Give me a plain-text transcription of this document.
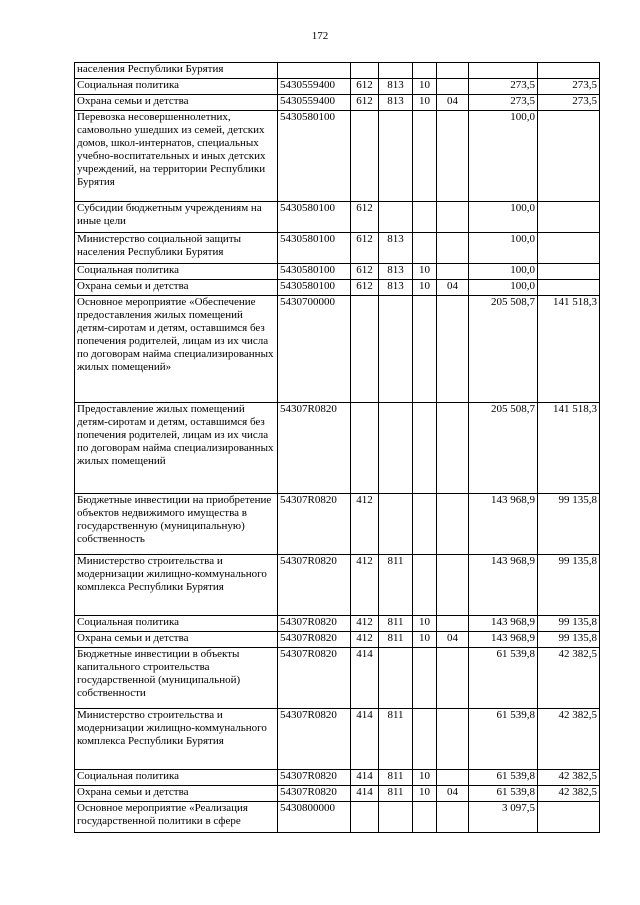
172
населения Республики Бурятия							
Социальная политика	5430559400	612	813	10		273,5	273,5
Охрана семьи и детства	5430559400	612	813	10	04	273,5	273,5
Перевозка несовершеннолетних, самовольно ушедших из семей, детских домов, школ-интернатов, специальных учебно-воспитательных и иных детских учреждений, на территории Республики Бурятия	5430580100					100,0	
Субсидии бюджетным учреждениям на иные цели	5430580100	612				100,0	
Министерство социальной защиты населения Республики Бурятия	5430580100	612	813			100,0	
Социальная политика	5430580100	612	813	10		100,0	
Охрана семьи и детства	5430580100	612	813	10	04	100,0	
Основное мероприятие «Обеспечение предоставления жилых помещений детям-сиротам и детям, оставшимся без попечения родителей, лицам из их числа по договорам найма специализированных жилых помещений»	5430700000					205 508,7	141 518,3
Предоставление жилых помещений детям-сиротам и детям, оставшимся без попечения родителей, лицам из их числа по договорам найма специализированных жилых помещений	54307R0820					205 508,7	141 518,3
Бюджетные инвестиции на приобретение объектов недвижимого имущества в государственную (муниципальную) собственность	54307R0820	412				143 968,9	99 135,8
Министерство строительства и модернизации жилищно-коммунального комплекса Республики Бурятия	54307R0820	412	811			143 968,9	99 135,8
Социальная политика	54307R0820	412	811	10		143 968,9	99 135,8
Охрана семьи и детства	54307R0820	412	811	10	04	143 968,9	99 135,8
Бюджетные инвестиции в объекты капитального строительства государственной (муниципальной) собственности	54307R0820	414				61 539,8	42 382,5
Министерство строительства и модернизации жилищно-коммунального комплекса Республики Бурятия	54307R0820	414	811			61 539,8	42 382,5
Социальная политика	54307R0820	414	811	10		61 539,8	42 382,5
Охрана семьи и детства	54307R0820	414	811	10	04	61 539,8	42 382,5
Основное мероприятие «Реализация государственной политики в сфере	5430800000					3 097,5	
